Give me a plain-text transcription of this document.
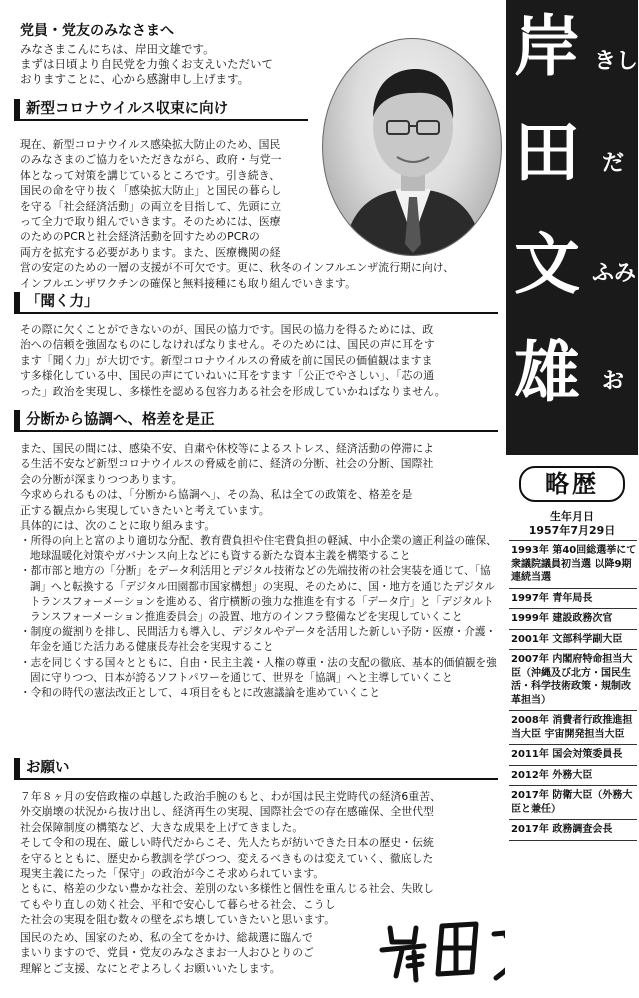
党員・党友のみなさまへ
みなさまこんにちは、岸田文雄です。
まずは日頃より自民党を力強くお支えいただいて
おりますことに、心から感謝申し上げます。
新型コロナウイルス収束に向け
現在、新型コロナウイルス感染拡大防止のため、国民
のみなさまのご協力をいただきながら、政府・与党一
体となって対策を講じているところです。引き続き、
国民の命を守り抜く「感染拡大防止」と国民の暮らし
を守る「社会経済活動」の両立を目指して、先頭に立
って全力で取り組んでいきます。そのためには、医療
のためのPCRと社会経済活動を回すためのPCRの
両方を拡充する必要があります。また、医療機関の経
営の安定のための一層の支援が不可欠です。更に、秋冬のインフルエンザ流行期に向け、
インフルエンザワクチンの確保と無料接種にも取り組んでいきます。
「聞く力」
その際に欠くことができないのが、国民の協力です。国民の協力を得るためには、政
治への信頼を強固なものにしなければなりません。そのためには、国民の声に耳をす
ます「聞く力」が大切です。新型コロナウイルスの脅威を前に国民の価値観はますま
す多様化している中、国民の声にていねいに耳をすます「公正でやさしい」、「芯の通
った」政治を実現し、多様性を認める包容力ある社会を形成していかねばなりません。
分断から協調へ、格差を是正
また、国民の間には、感染不安、自粛や休校等によるストレス、経済活動の停滞によ
る生活不安など新型コロナウイルスの脅威を前に、経済の分断、社会の分断、国際社
会の分断が深まりつつあります。
今求められるものは、「分断から協調へ」、その為、私は全ての政策を、格差を是
正する観点から実現していきたいと考えています。
具体的には、次のことに取り組みます。
・所得の向上と富のより適切な分配、教育費負担や住宅費負担の軽減、中小企業の適正利益の確保、地球温暖化対策やガバナンス向上などにも資する新たな資本主義を構築すること
・都市部と地方の「分断」をデータ利活用とデジタル技術などの先端技術の社会実装を通じて、「協調」へと転換する「デジタル田園都市国家構想」の実現、そのために、国・地方を通じたデジタルトランスフォーメーションを進める、省庁横断の強力な推進を有する「データ庁」と「デジタルトランスフォーメーション推進委員会」の設置、地方のインフラ整備などを実現していくこと
・制度の縦割りを排し、民間活力も導入し、デジタルやデータを活用した新しい予防・医療・介護・年金を通じた活力ある健康長寿社会を実現すること
・志を同じくする国々とともに、自由・民主主義・人権の尊重・法の支配の徹底、基本的価値観を強固に守りつつ、日本が誇るソフトパワーを通じて、世界を「協調」へと主導していくこと
・令和の時代の憲法改正として、４項目をもとに改憲議論を進めていくこと
お願い
７年８ヶ月の安倍政権の卓越した政治手腕のもと、わが国は民主党時代の経済6重苦、
外交崩壊の状況から抜け出し、経済再生の実現、国際社会での存在感確保、全世代型
社会保障制度の構築など、大きな成果を上げてきました。
そして令和の現在、厳しい時代だからこそ、先人たちが紡いできた日本の歴史・伝統
を守るとともに、歴史から教訓を学びつつ、変えるべきものは変えていく、徹底した
現実主義にたった「保守」の政治が今こそ求められています。
ともに、格差の少ない豊かな社会、差別のない多様性と個性を重んじる社会、失敗し
てもやり直しの効く社会、平和で安心して暮らせる社会、こうし
た社会の実現を阻む数々の壁をぶち壊していきたいと思います。
国民のため、国家のため、私の全てをかけ、総裁選に臨んで
まいりますので、党員・党友のみなさまお一人おひとりのご
理解とご支援、なにとぞよろしくお願いいたします。
岸
田
文
雄
きし
だ
ふみ
お
略歴
生年月日
1957年7月29日
1993年 第40回総選挙にて衆議院議員初当選 以降9期連続当選
1997年 青年局長
1999年 建設政務次官
2001年 文部科学副大臣
2007年 内閣府特命担当大臣（沖縄及び北方・国民生活・科学技術政策・規制改革担当）
2008年 消費者行政推進担当大臣 宇宙開発担当大臣
2011年 国会対策委員長
2012年 外務大臣
2017年 防衛大臣（外務大臣と兼任）
2017年 政務調査会長
